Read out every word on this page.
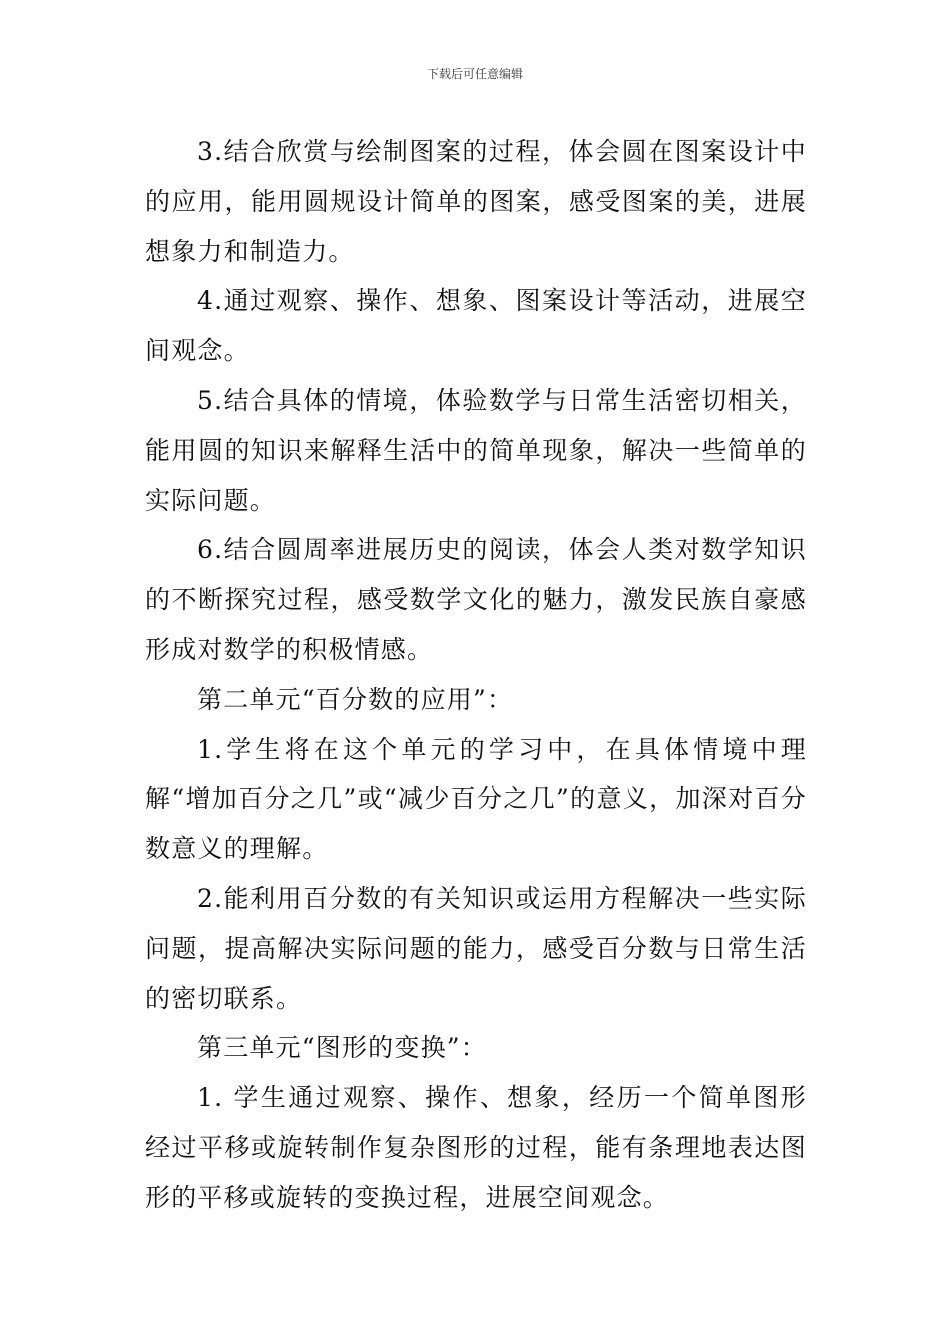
下载后可任意编辑

3.结合欣赏与绘制图案的过程，体会圆在图案设计中的应用，能用圆规设计简单的图案，感受图案的美，进展想象力和制造力。

4.通过观察、操作、想象、图案设计等活动，进展空间观念。

5.结合具体的情境，体验数学与日常生活密切相关，能用圆的知识来解释生活中的简单现象，解决一些简单的实际问题。

6.结合圆周率进展历史的阅读，体会人类对数学知识的不断探究过程，感受数学文化的魅力，激发民族自豪感形成对数学的积极情感。

第二单元“百分数的应用”：

1.学生将在这个单元的学习中，在具体情境中理解“增加百分之几”或“减少百分之几”的意义，加深对百分数意义的理解。

2.能利用百分数的有关知识或运用方程解决一些实际问题，提高解决实际问题的能力，感受百分数与日常生活的密切联系。

第三单元“图形的变换”：

1. 学生通过观察、操作、想象，经历一个简单图形经过平移或旋转制作复杂图形的过程，能有条理地表达图形的平移或旋转的变换过程，进展空间观念。
